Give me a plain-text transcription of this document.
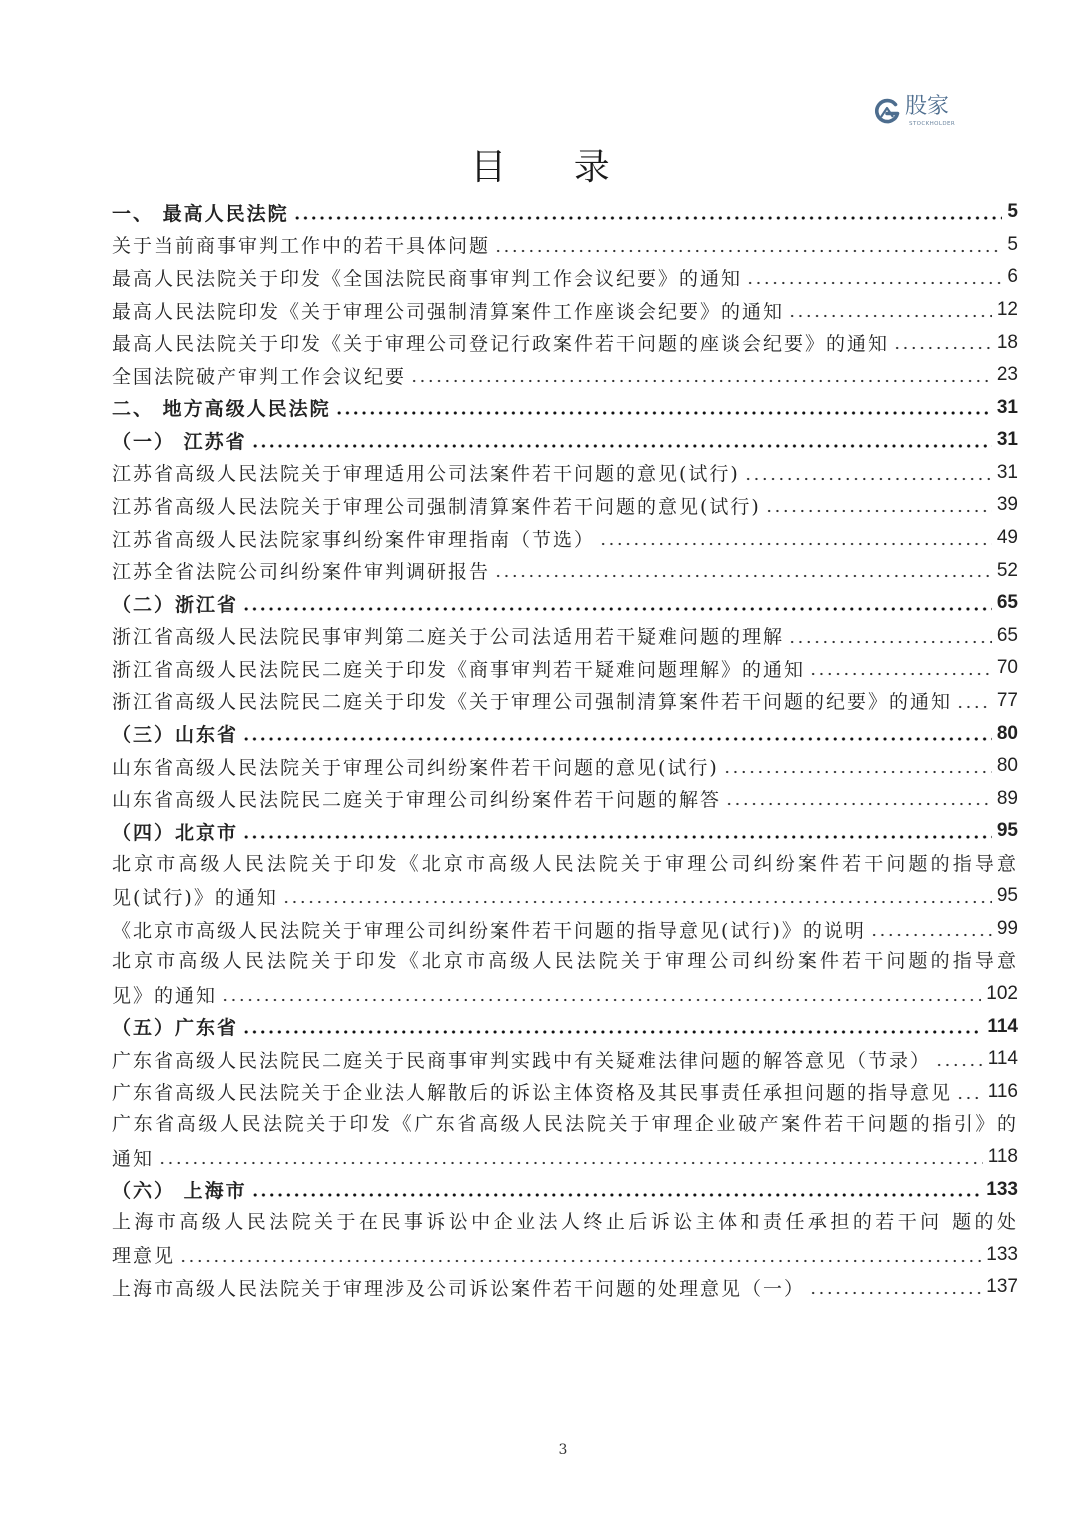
股家
STOCKHOLDER
目 录
一、 最高人民法院	5
关于当前商事审判工作中的若干具体问题	5
最高人民法院关于印发《全国法院民商事审判工作会议纪要》的通知	6
最高人民法院印发《关于审理公司强制清算案件工作座谈会纪要》的通知	12
最高人民法院关于印发《关于审理公司登记行政案件若干问题的座谈会纪要》的通知	18
全国法院破产审判工作会议纪要	23
二、 地方高级人民法院	31
（一） 江苏省	31
江苏省高级人民法院关于审理适用公司法案件若干问题的意见(试行)	31
江苏省高级人民法院关于审理公司强制清算案件若干问题的意见(试行)	39
江苏省高级人民法院家事纠纷案件审理指南（节选）	49
江苏全省法院公司纠纷案件审判调研报告	52
（二）浙江省	65
浙江省高级人民法院民事审判第二庭关于公司法适用若干疑难问题的理解	65
浙江省高级人民法院民二庭关于印发《商事审判若干疑难问题理解》的通知	70
浙江省高级人民法院民二庭关于印发《关于审理公司强制清算案件若干问题的纪要》的通知 77
（三）山东省	80
山东省高级人民法院关于审理公司纠纷案件若干问题的意见(试行)	80
山东省高级人民法院民二庭关于审理公司纠纷案件若干问题的解答	89
（四）北京市	95
北京市高级人民法院关于印发《北京市高级人民法院关于审理公司纠纷案件若干问题的指导意
见(试行)》的通知	95
《北京市高级人民法院关于审理公司纠纷案件若干问题的指导意见(试行)》的说明	99
北京市高级人民法院关于印发《北京市高级人民法院关于审理公司纠纷案件若干问题的指导意
见》的通知	102
（五）广东省	114
广东省高级人民法院民二庭关于民商事审判实践中有关疑难法律问题的解答意见（节录）	114
广东省高级人民法院关于企业法人解散后的诉讼主体资格及其民事责任承担问题的指导意见 116
广东省高级人民法院关于印发《广东省高级人民法院关于审理企业破产案件若干问题的指引》的
通知	118
（六） 上海市	133
上海市高级人民法院关于在民事诉讼中企业法人终止后诉讼主体和责任承担的若干问 题的处
理意见	133
上海市高级人民法院关于审理涉及公司诉讼案件若干问题的处理意见（一）	137
3
